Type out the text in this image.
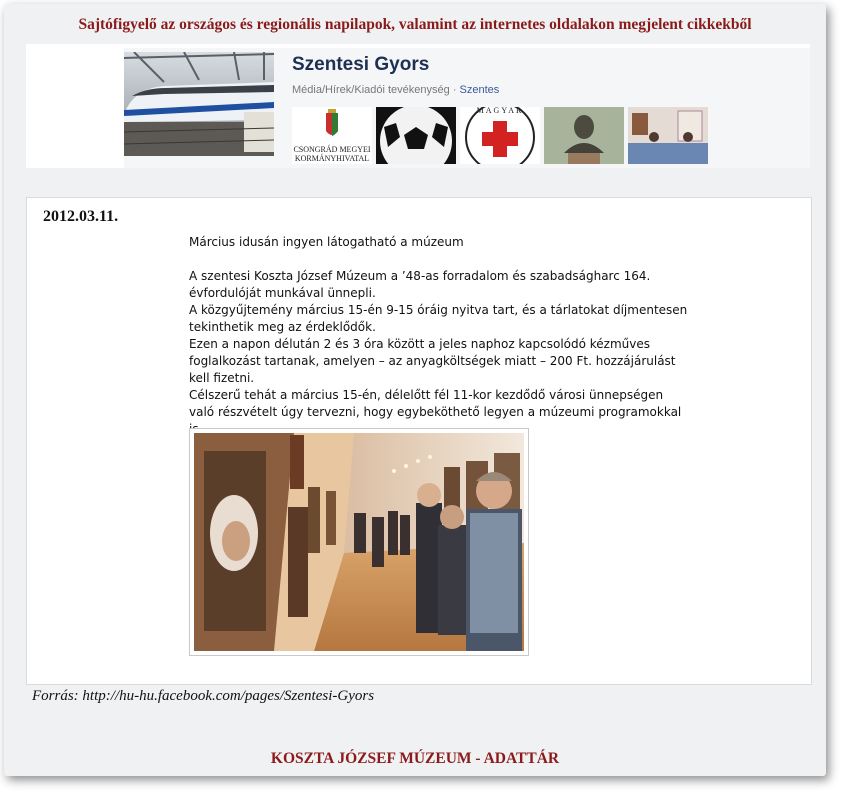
Sajtófigyelő az országos és regionális napilapok, valamint az internetes oldalakon megjelent cikkekből
Szentesi Gyors
Média/Hírek/Kiadói tevékenység · Szentes
CSONGRÁD MEGYEI KORMÁNYHIVATAL
MAGYAR
2012.03.11.

Március idusán ingyen látogatható a múzeum

A szentesi Koszta József Múzeum a ’48-as forradalom és szabadságharc 164. évfordulóját munkával ünnepli.

A közgyűjtemény március 15-én 9-15 óráig nyitva tart, és a tárlatokat díjmentesen tekinthetik meg az érdeklődők.

Ezen a napon délután 2 és 3 óra között a jeles naphoz kapcsolódó kézműves foglalkozást tartanak, amelyen – az anyagköltségek miatt – 200 Ft. hozzájárulást kell fizetni.

Célszerű tehát a március 15-én, délelőtt fél 11-kor kezdődő városi ünnepségen való részvételt úgy tervezni, hogy egybeköthető legyen a múzeumi programokkal

Forrás: http://hu-hu.facebook.com/pages/Szentesi-Gyors
KOSZTA JÓZSEF MÚZEUM - ADATTÁR
